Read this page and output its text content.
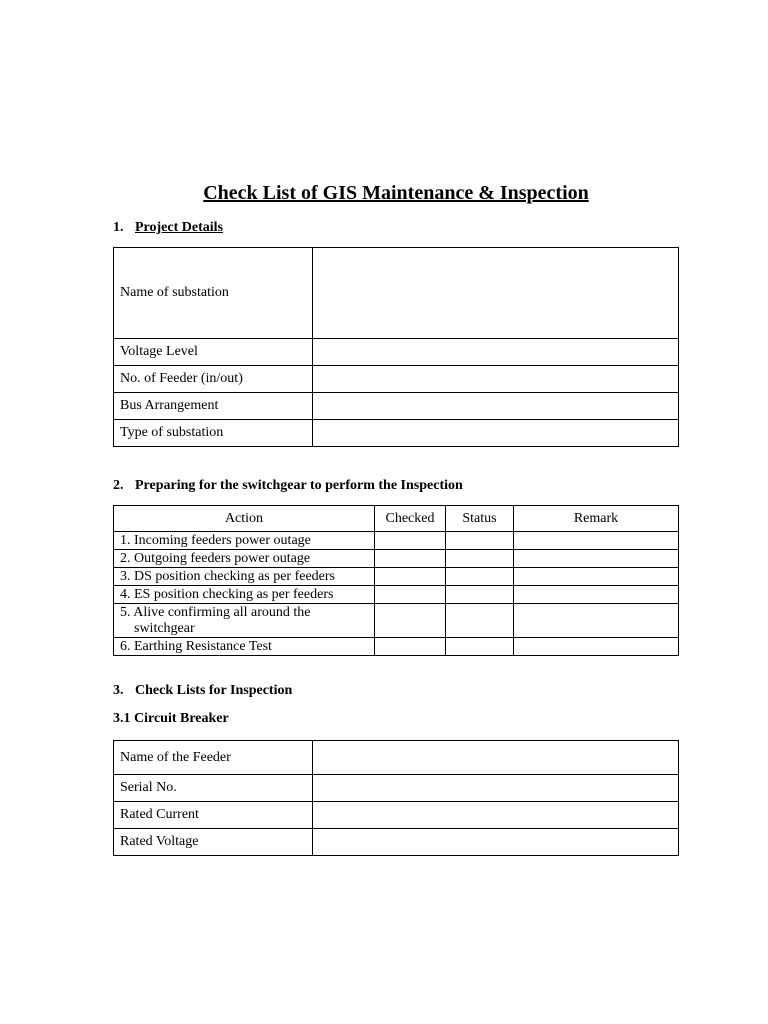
Check List of GIS Maintenance & Inspection
1. Project Details
Name of substation	
Voltage Level	
No. of Feeder (in/out)	
Bus Arrangement	
Type of substation	
2. Preparing for the switchgear to perform the Inspection
Action	Checked	Status	Remark
1. Incoming feeders power outage			
2. Outgoing feeders power outage			
3. DS position checking as per feeders			
4. ES position checking as per feeders			
5. Alive confirming all around the
switchgear			

6. Earthing Resistance Test			
3. Check Lists for Inspection
3.1 Circuit Breaker
Name of the Feeder	
Serial No.	
Rated Current	
Rated Voltage	
